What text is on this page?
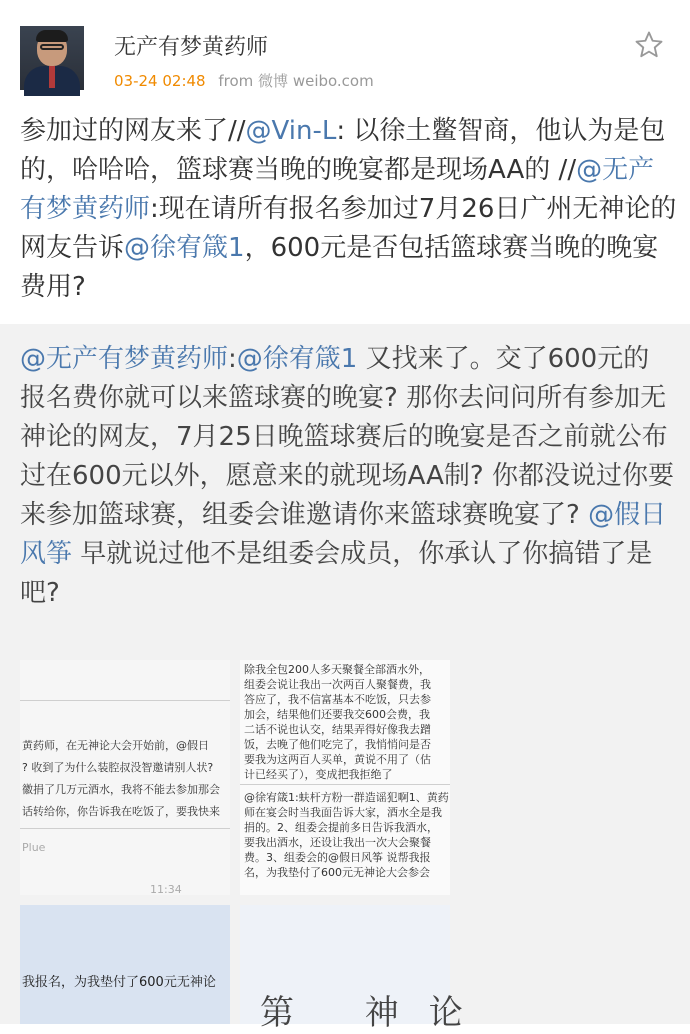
无产有梦黄药师
03-24 02:48 from 微博 weibo.com
参加过的网友来了//@Vin-L: 以徐土鳖智商，他认为是包的，哈哈哈，篮球赛当晚的晚宴都是现场AA的 //@无产有梦黄药师:现在请所有报名参加过7月26日广州无神论的网友告诉@徐宥箴1，600元是否包括篮球赛当晚的晚宴费用?
@无产有梦黄药师:@徐宥箴1 又找来了。交了600元的报名费你就可以来篮球赛的晚宴? 那你去问问所有参加无神论的网友，7月25日晚篮球赛后的晚宴是否之前就公布过在600元以外，愿意来的就现场AA制? 你都没说过你要来参加篮球赛，组委会谁邀请你来篮球赛晚宴了? @假日风筝 早就说过他不是组委会成员，你承认了你搞错了是吧?
黄药师，在无神论大会开始前，@假日
? 收到了为什么装腔叔没智邀请别人状?
徽捐了几万元酒水，我将不能去参加那会
话转给你，你告诉我在吃饭了，要我快来
Plue
11:34
除我全包200人多天聚餐全部酒水外，
组委会说让我出一次两百人聚餐费，我
答应了，我不信富基本不吃饭，只去参
加会，结果他们还要我交600会费，我
二话不说也认交，结果弄得好像我去蹭
饭，去晚了他们吃完了，我悄悄问是否
要我为这两百人买单，黄说不用了（估
计已经买了），变成把我拒绝了
@徐宥箴1:蚨杆方粉一群造谣犯啊1、黄药
师在宴会时当我面告诉大家，酒水全是我
捐的。2、组委会提前多日告诉我酒水，
要我出酒水，还设让我出一次大会聚餐
费。3、组委会的@假日风筝 说帮我报
名，为我垫付了600元无神论大会参会
我报名，为我垫付了600元无神论
第 神论
